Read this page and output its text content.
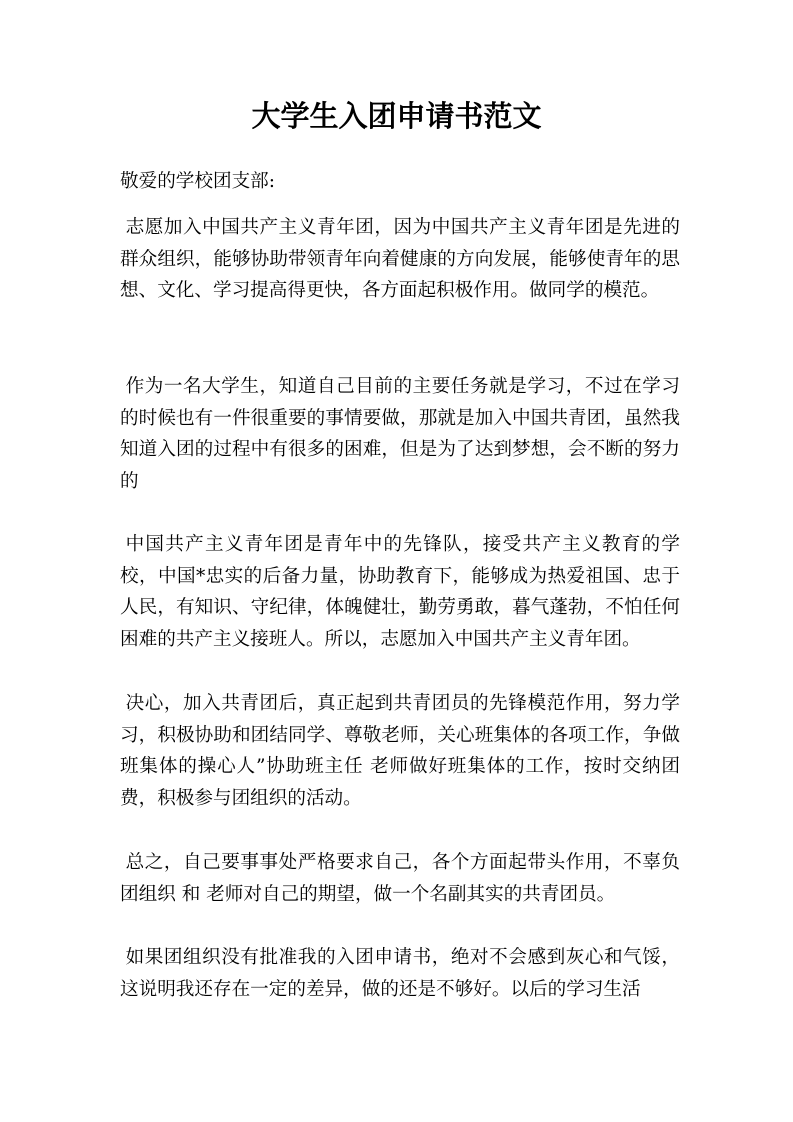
大学生入团申请书范文

敬爱的学校团支部:

志愿加入中国共产主义青年团，因为中国共产主义青年团是先进的群众组织，能够协助带领青年向着健康的方向发展，能够使青年的思想、文化、学习提高得更快，各方面起积极作用。做同学的模范。

作为一名大学生，知道自己目前的主要任务就是学习，不过在学习的时候也有一件很重要的事情要做，那就是加入中国共青团，虽然我知道入团的过程中有很多的困难，但是为了达到梦想，会不断的努力的

中国共产主义青年团是青年中的先锋队，接受共产主义教育的学校，中国*忠实的后备力量，协助教育下，能够成为热爱祖国、忠于人民，有知识、守纪律，体魄健壮，勤劳勇敢，暮气蓬勃，不怕任何困难的共产主义接班人。所以，志愿加入中国共产主义青年团。

决心，加入共青团后，真正起到共青团员的先锋模范作用，努力学习，积极协助和团结同学、尊敬老师，关心班集体的各项工作，争做班集体的操心人”协助班主任 老师做好班集体的工作，按时交纳团费，积极参与团组织的活动。

总之，自己要事事处严格要求自己，各个方面起带头作用，不辜负团组织 和 老师对自己的期望，做一个名副其实的共青团员。

如果团组织没有批准我的入团申请书，绝对不会感到灰心和气馁，这说明我还存在一定的差异，做的还是不够好。以后的学习生活
